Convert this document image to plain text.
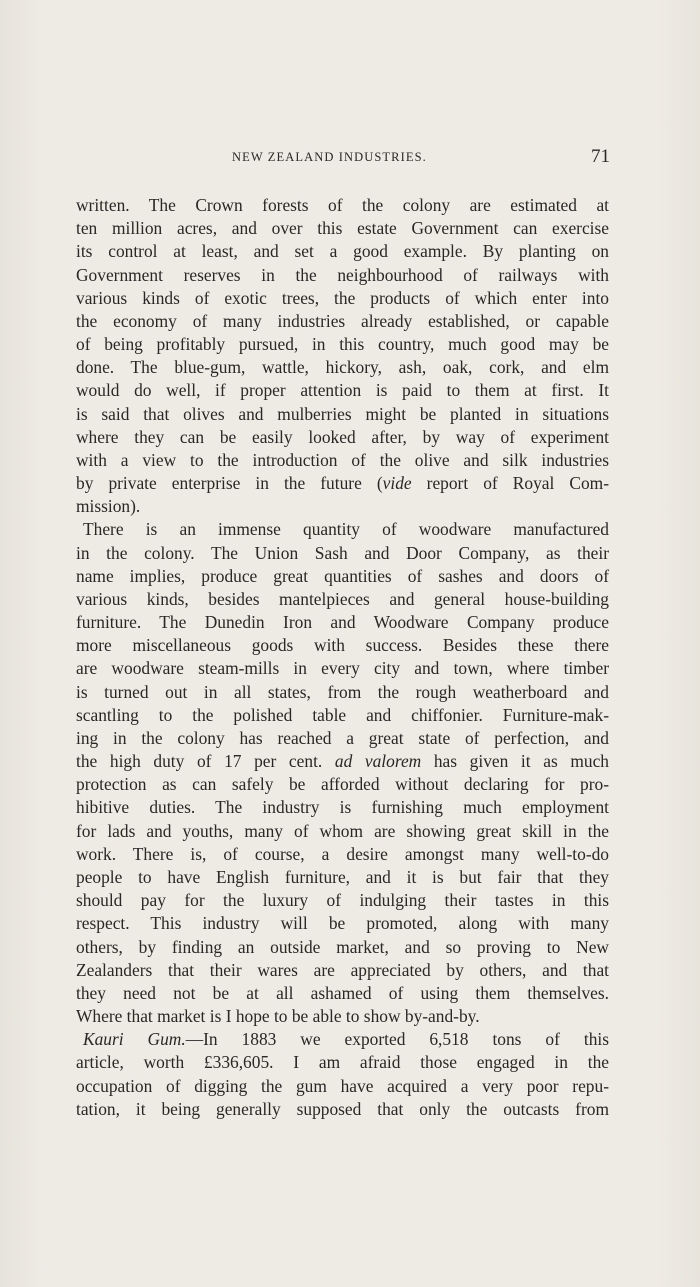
NEW ZEALAND INDUSTRIES.	71
written. The Crown forests of the colony are estimated at
ten million acres, and over this estate Government can exercise
its control at least, and set a good example. By planting on
Government reserves in the neighbourhood of railways with
various kinds of exotic trees, the products of which enter into
the economy of many industries already established, or capable
of being profitably pursued, in this country, much good may be
done. The blue-gum, wattle, hickory, ash, oak, cork, and elm
would do well, if proper attention is paid to them at first. It
is said that olives and mulberries might be planted in situations
where they can be easily looked after, by way of experiment
with a view to the introduction of the olive and silk industries
by private enterprise in the future (vide report of Royal Com-
mission).
There is an immense quantity of woodware manufactured
in the colony. The Union Sash and Door Company, as their
name implies, produce great quantities of sashes and doors of
various kinds, besides mantelpieces and general house-building
furniture. The Dunedin Iron and Woodware Company produce
more miscellaneous goods with success. Besides these there
are woodware steam-mills in every city and town, where timber
is turned out in all states, from the rough weatherboard and
scantling to the polished table and chiffonier. Furniture-mak-
ing in the colony has reached a great state of perfection, and
the high duty of 17 per cent. ad valorem has given it as much
protection as can safely be afforded without declaring for pro-
hibitive duties. The industry is furnishing much employment
for lads and youths, many of whom are showing great skill in the
work. There is, of course, a desire amongst many well-to-do
people to have English furniture, and it is but fair that they
should pay for the luxury of indulging their tastes in this
respect. This industry will be promoted, along with many
others, by finding an outside market, and so proving to New
Zealanders that their wares are appreciated by others, and that
they need not be at all ashamed of using them themselves.
Where that market is I hope to be able to show by-and-by.
Kauri Gum.—In 1883 we exported 6,518 tons of this
article, worth £336,605. I am afraid those engaged in the
occupation of digging the gum have acquired a very poor repu-
tation, it being generally supposed that only the outcasts from
